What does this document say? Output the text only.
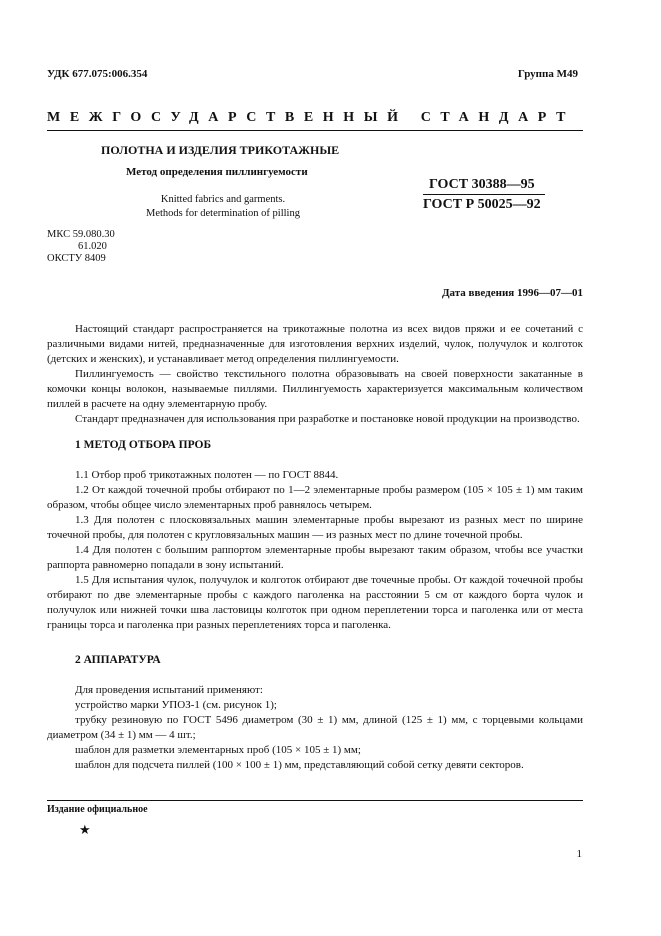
УДК 677.075:006.354	Группа М49
МЕЖГОСУДАРСТВЕННЫЙ СТАНДАРТ
ПОЛОТНА И ИЗДЕЛИЯ ТРИКОТАЖНЫЕ
Метод определения пиллингуемости
Knitted fabrics and garments.
Methods for determination of pilling
ГОСТ 30388—95
ГОСТ Р 50025—92
МКС 59.080.30
61.020
ОКСТУ 8409
Дата введения 1996—07—01

Настоящий стандарт распространяется на трикотажные полотна из всех видов пряжи и ее сочетаний с различными видами нитей, предназначенные для изготовления верхних изделий, чулок, получулок и колготок (детских и женских), и устанавливает метод определения пиллингуемости.

Пиллингуемость — свойство текстильного полотна образовывать на своей поверхности закатанные в комочки концы волокон, называемые пиллями. Пиллингуемость характеризуется максимальным количеством пиллей в расчете на одну элементарную пробу.

Стандарт предназначен для использования при разработке и постановке новой продукции на производство.

1 МЕТОД ОТБОРА ПРОБ

1.1 Отбор проб трикотажных полотен — по ГОСТ 8844.

1.2 От каждой точечной пробы отбирают по 1—2 элементарные пробы размером (105 × 105 ± 1) мм таким образом, чтобы общее число элементарных проб равнялось четырем.

1.3 Для полотен с плосковязальных машин элементарные пробы вырезают из разных мест по ширине точечной пробы, для полотен с кругловязальных машин — из разных мест по длине точечной пробы.

1.4 Для полотен с большим раппортом элементарные пробы вырезают таким образом, чтобы все участки раппорта равномерно попадали в зону испытаний.

1.5 Для испытания чулок, получулок и колготок отбирают две точечные пробы. От каждой точечной пробы отбирают по две элементарные пробы с каждого паголенка на расстоянии 5 см от каждого борта чулок и получулок или нижней точки шва ластовицы колготок при одном переплетении торса и паголенка или от места границы торса и паголенка при разных переплетениях торса и паголенка.

2 АППАРАТУРА

Для проведения испытаний применяют:

устройство марки УПОЗ-1 (см. рисунок 1);

трубку резиновую по ГОСТ 5496 диаметром (30 ± 1) мм, длиной (125 ± 1) мм, с торцевыми кольцами диаметром (34 ± 1) мм — 4 шт.;

шаблон для разметки элементарных проб (105 × 105 ± 1) мм;

шаблон для подсчета пиллей (100 × 100 ± 1) мм, представляющий собой сетку девяти секторов.

Издание официальное
★
1
